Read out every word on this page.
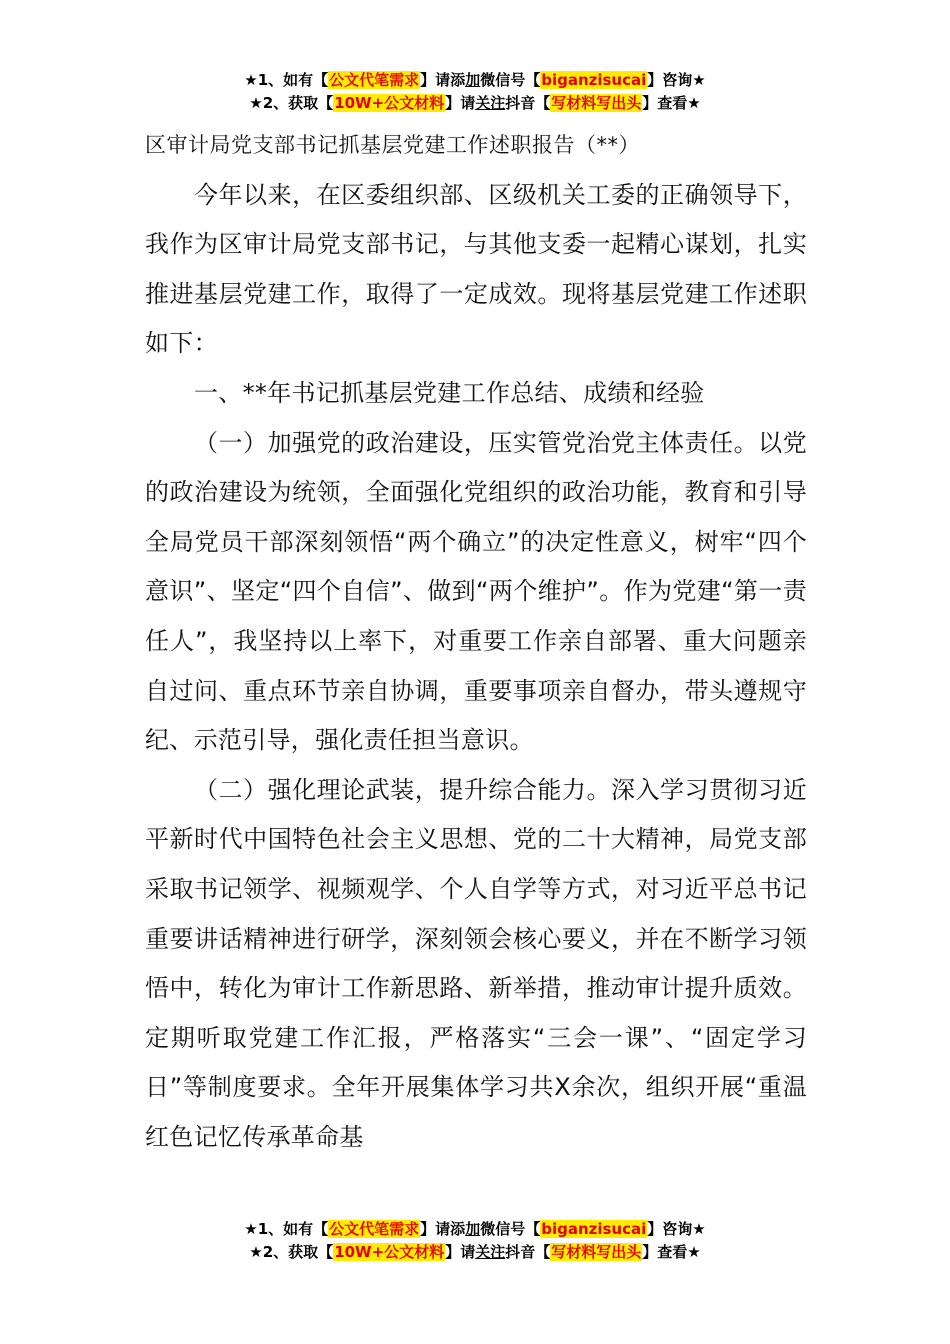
★1、如有【公文代笔需求】请添加微信号【biganzisucai】咨询★
★2、获取【10W+公文材料】请关注抖音【写材料写出头】查看★

区审计局党支部书记抓基层党建工作述职报告（**）

今年以来，在区委组织部、区级机关工委的正确领导下，我作为区审计局党支部书记，与其他支委一起精心谋划，扎实推进基层党建工作，取得了一定成效。现将基层党建工作述职如下：

一、**年书记抓基层党建工作总结、成绩和经验

（一）加强党的政治建设，压实管党治党主体责任。以党的政治建设为统领，全面强化党组织的政治功能，教育和引导全局党员干部深刻领悟“两个确立”的决定性意义，树牢“四个意识”、坚定“四个自信”、做到“两个维护”。作为党建“第一责任人”，我坚持以上率下，对重要工作亲自部署、重大问题亲自过问、重点环节亲自协调，重要事项亲自督办，带头遵规守纪、示范引导，强化责任担当意识。

（二）强化理论武装，提升综合能力。深入学习贯彻习近平新时代中国特色社会主义思想、党的二十大精神，局党支部采取书记领学、视频观学、个人自学等方式，对习近平总书记重要讲话精神进行研学，深刻领会核心要义，并在不断学习领悟中，转化为审计工作新思路、新举措，推动审计提升质效。定期听取党建工作汇报，严格落实“三会一课”、“固定学习日”等制度要求。全年开展集体学习共X余次，组织开展“重温红色记忆传承革命基

★1、如有【公文代笔需求】请添加微信号【biganzisucai】咨询★
★2、获取【10W+公文材料】请关注抖音【写材料写出头】查看★
